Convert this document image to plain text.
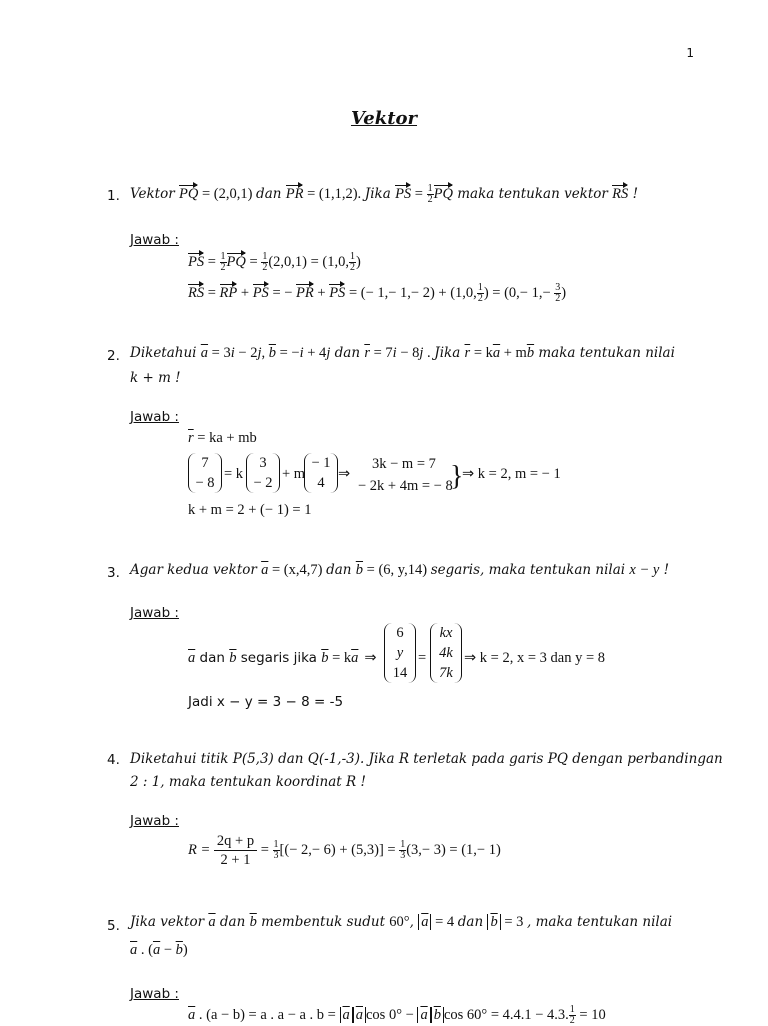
1
Vektor
1. Vektor PQ = (2,0,1) dan PR = (1,1,2). Jika PS = $\frac{1}{2}$ PQ maka tentukan vektor RS !
Jawab :
PS = $\frac{1}{2}$ PQ = $\frac{1}{2} (2,0,1) = (1,0$, $\frac{1}{2}$ )
RS = RP + PS = − PR + PS = (− 1,− 1,− 2) + (1,0, $\frac{1}{2}$ ) = ($0,- 1,- \frac{3}{2}$ )
2. Diketahui $\overline{a} = 3i - 2j$, $\overline{b} = -i + 4j$ dan $\overline{r} = 7i - 8j$ . Jika $\overline{r} = k\overline{a} + m\overline{b}$ maka tentukan nilai
k + m !
Jawab :
$\overline{r}$ = ka + mb
7
− 8
= k
3
− 2
+ m
− 1
4
⇒
3k − m = 7
− 2k + 4m = − 8
}
⇒ k = 2, m = − 1
k + m = 2 + (− 1) = 1
3. Agar kedua vektor $\overline{a} = (x,4,7)$ dan $\overline{b} = (6$, y,14) segaris, maka tentukan nilai x − y !
Jawab :
$\overline{a}$ dan $\overline{b}$ segaris jika $\overline{b} = k\overline{a}$ ⇒
6
y
14
=
kx
4k
7k
⇒ k = 2, x = 3 dan y = 8
Jadi x − y = 3 − 8 = -5
4. Diketahui titik P(5,3) dan Q(-1,-3). Jika R terletak pada garis PQ dengan perbandingan
2 : 1, maka tentukan koordinat R !
Jawab :
$R = \frac{2q + p}{2 + 1} = \frac{1}{3}$ [(− $2,- 6) + (5,3)] = \frac{1}{3} (3,- 3) = (1,- 1)$
5. Jika vektor $\overline{a}$ dan $\overline{b}$ membentuk sudut 60°, $\overline{a} = 4$ dan $\overline{b} = 3$ , maka tentukan nilai
$\overline{a}$ . $(\overline{a} - \overline{b})$
Jawab :
$\overline{a}$ . (a − b) = a . a − a . $b = \overline{a}$ $\overline{a}$ $\cos 0^\circ - \overline{a}$ $\overline{b}$ cos 60° = 4.4.1 − 4.3. $\frac{1}{2} = 10$
